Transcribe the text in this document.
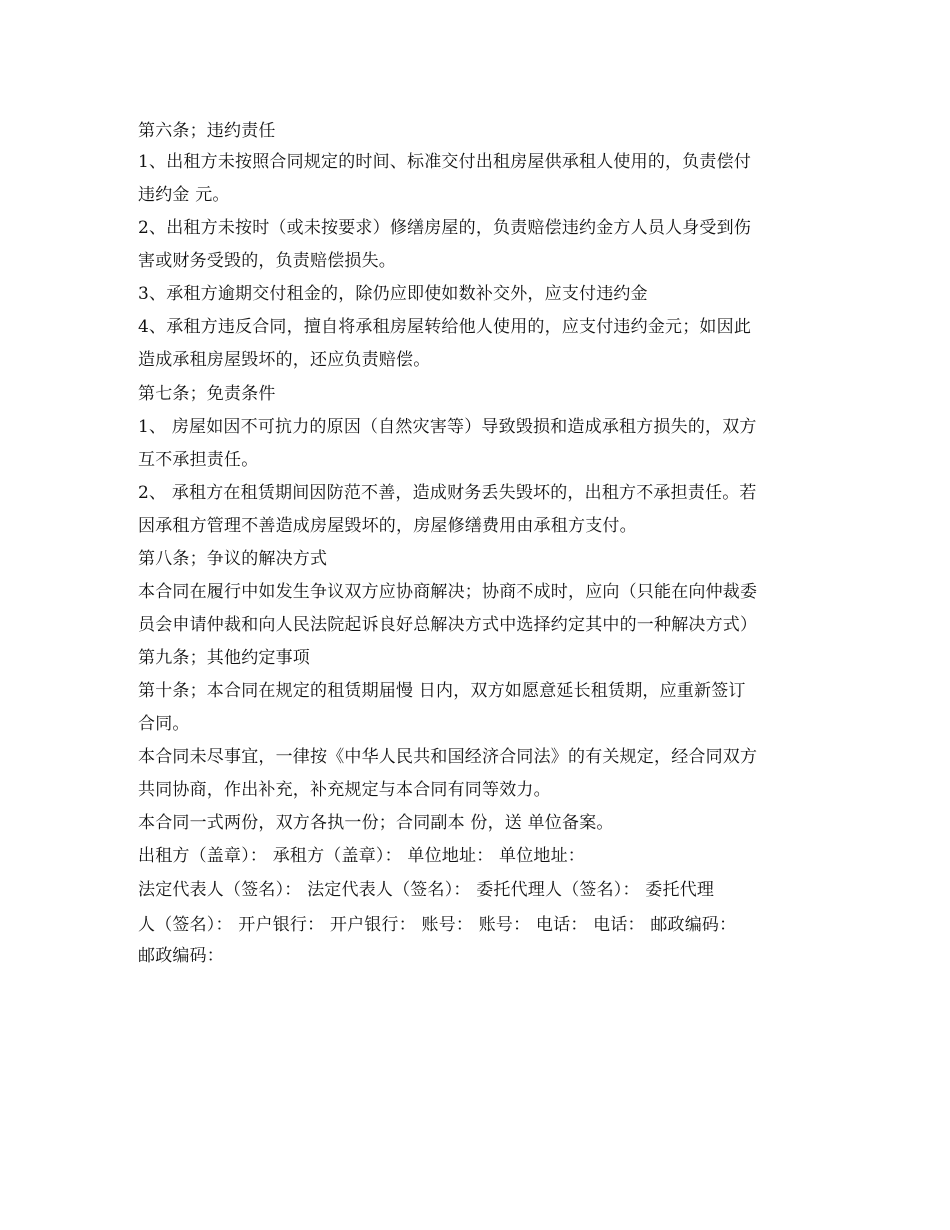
第六条；违约责任
1、出租方未按照合同规定的时间、标准交付出租房屋供承租人使用的，负责偿付
违约金 元。
2、出租方未按时（或未按要求）修缮房屋的，负责赔偿违约金方人员人身受到伤
害或财务受毁的，负责赔偿损失。
3、承租方逾期交付租金的，除仍应即使如数补交外，应支付违约金
4、承租方违反合同，擅自将承租房屋转给他人使用的，应支付违约金元；如因此
造成承租房屋毁坏的，还应负责赔偿。
第七条；免责条件
1、 房屋如因不可抗力的原因（自然灾害等）导致毁损和造成承租方损失的，双方
互不承担责任。
2、 承租方在租赁期间因防范不善，造成财务丢失毁坏的，出租方不承担责任。若
因承租方管理不善造成房屋毁坏的，房屋修缮费用由承租方支付。
第八条；争议的解决方式
本合同在履行中如发生争议双方应协商解决；协商不成时，应向（只能在向仲裁委
员会申请仲裁和向人民法院起诉良好总解决方式中选择约定其中的一种解决方式）
第九条；其他约定事项
第十条；本合同在规定的租赁期届慢 日内，双方如愿意延长租赁期，应重新签订
合同。
本合同未尽事宜，一律按《中华人民共和国经济合同法》的有关规定，经合同双方
共同协商，作出补充，补充规定与本合同有同等效力。
本合同一式两份，双方各执一份；合同副本 份，送 单位备案。
出租方（盖章）： 承租方（盖章）： 单位地址： 单位地址：
法定代表人（签名）： 法定代表人（签名）： 委托代理人（签名）： 委托代理
人（签名）： 开户银行： 开户银行： 账号： 账号： 电话： 电话： 邮政编码：
邮政编码：
